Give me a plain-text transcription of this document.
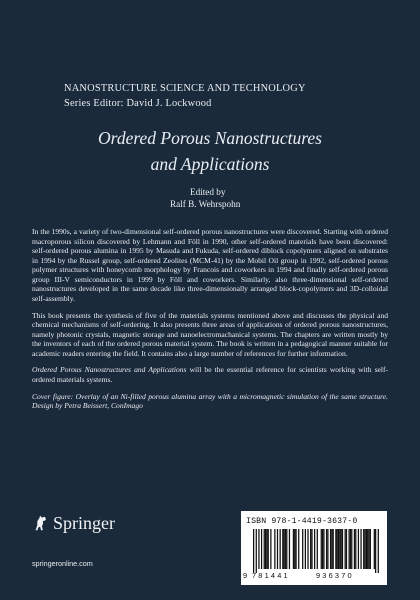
NANOSTRUCTURE SCIENCE AND TECHNOLOGY
Series Editor: David J. Lockwood
Ordered Porous Nanostructures
and Applications
Edited by
Ralf B. Wehrspohn

In the 1990s, a variety of two-dimensional self-ordered porous nanostructures were discovered. Starting with ordered macroporous silicon discovered by Lehmann and Föll in 1990, other self-ordered materials have been discovered: self-ordered porous alumina in 1995 by Masuda and Fukuda, self-ordered diblock copolymers aligned on substrates in 1994 by the Russel group, self-ordered Zeolites (MCM-41) by the Mobil Oil group in 1992, self-ordered porous polymer structures with honeycomb morphology by Francois and coworkers in 1994 and finally self-ordered porous group III-V semiconductors in 1999 by Föll and coworkers. Similarly, also three-dimensional self-ordered nanostructures developed in the same decade like three-dimensionally arranged block-copolymers and 3D-colloidal self-assembly.

This book presents the synthesis of five of the materials systems mentioned above and discusses the physical and chemical mechanisms of self-ordering. It also presents three areas of applications of ordered porous nanostructures, namely photonic crystals, magnetic storage and nanoelectromachanical systems. The chapters are written mostly by the inventors of each of the ordered porous material system. The book is written in a pedagogical manner suitable for academic readers entering the field. It contains also a large number of references for further information.

Ordered Porous Nanostructures and Applications will be the essential reference for scientists working with self-ordered materials systems.

Cover figure: Overlay of an Ni-filled porous alumina array with a micromagnetic simulation of the same structure. Design by Petra Beissert, ConImago

Springer
springeronline.com
ISBN 978-1-4419-3637-0
9 781441	936370
